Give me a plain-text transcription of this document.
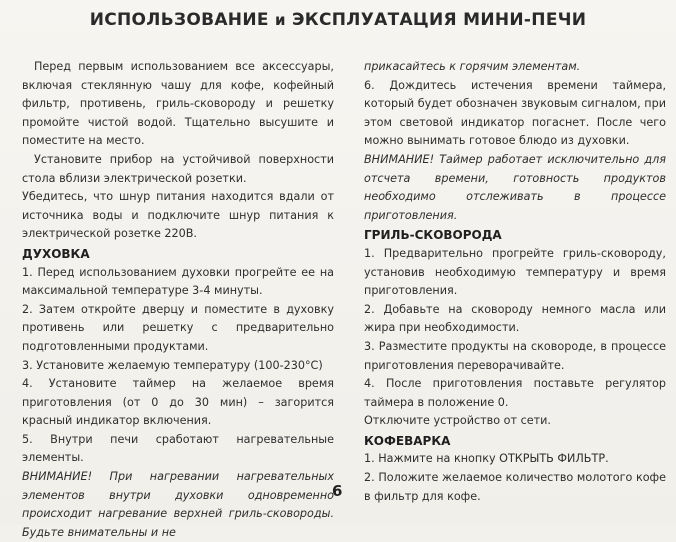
ИСПОЛЬЗОВАНИЕ и ЭКСПЛУАТАЦИЯ МИНИ-ПЕЧИ

Перед первым использованием все аксессуары, включая стеклянную чашу для кофе, кофейный фильтр, противень, гриль-сковороду и решетку промойте чистой водой. Тщательно высушите и поместите на место.

Установите прибор на устойчивой поверхности стола вблизи электрической розетки.

Убедитесь, что шнур питания находится вдали от источника воды и подключите шнур питания к электрической розетке 220В.

ДУХОВКА

1. Перед использованием духовки прогрейте ее на максимальной температуре 3-4 минуты.

2. Затем откройте дверцу и поместите в духовку противень или решетку с предварительно подготовленными продуктами.

3. Установите желаемую температуру (100-230°С)

4. Установите таймер на желаемое время приготовления (от 0 до 30 мин) – загорится красный индикатор включения.

5. Внутри печи сработают нагревательные элементы.

ВНИМАНИЕ! При нагревании нагревательных элементов внутри духовки одновременно происходит нагревание верхней гриль-сковороды. Будьте внимательны и не

прикасайтесь к горячим элементам.

6. Дождитесь истечения времени таймера, который будет обозначен звуковым сигналом, при этом световой индикатор погаснет. После чего можно вынимать готовое блюдо из духовки.

ВНИМАНИЕ! Таймер работает исключительно для отсчета времени, готовность продуктов необходимо отслеживать в процессе приготовления.

ГРИЛЬ-СКОВОРОДА

1. Предварительно прогрейте гриль-сковороду, установив необходимую температуру и время приготовления.

2. Добавьте на сковороду немного масла или жира при необходимости.

3. Разместите продукты на сковороде, в процессе приготовления переворачивайте.

4. После приготовления поставьте регулятор таймера в положение 0.

Отключите устройство от сети.

КОФЕВАРКА

1. Нажмите на кнопку ОТКРЫТЬ ФИЛЬТР.

2. Положите желаемое количество молотого кофе в фильтр для кофе.

6
